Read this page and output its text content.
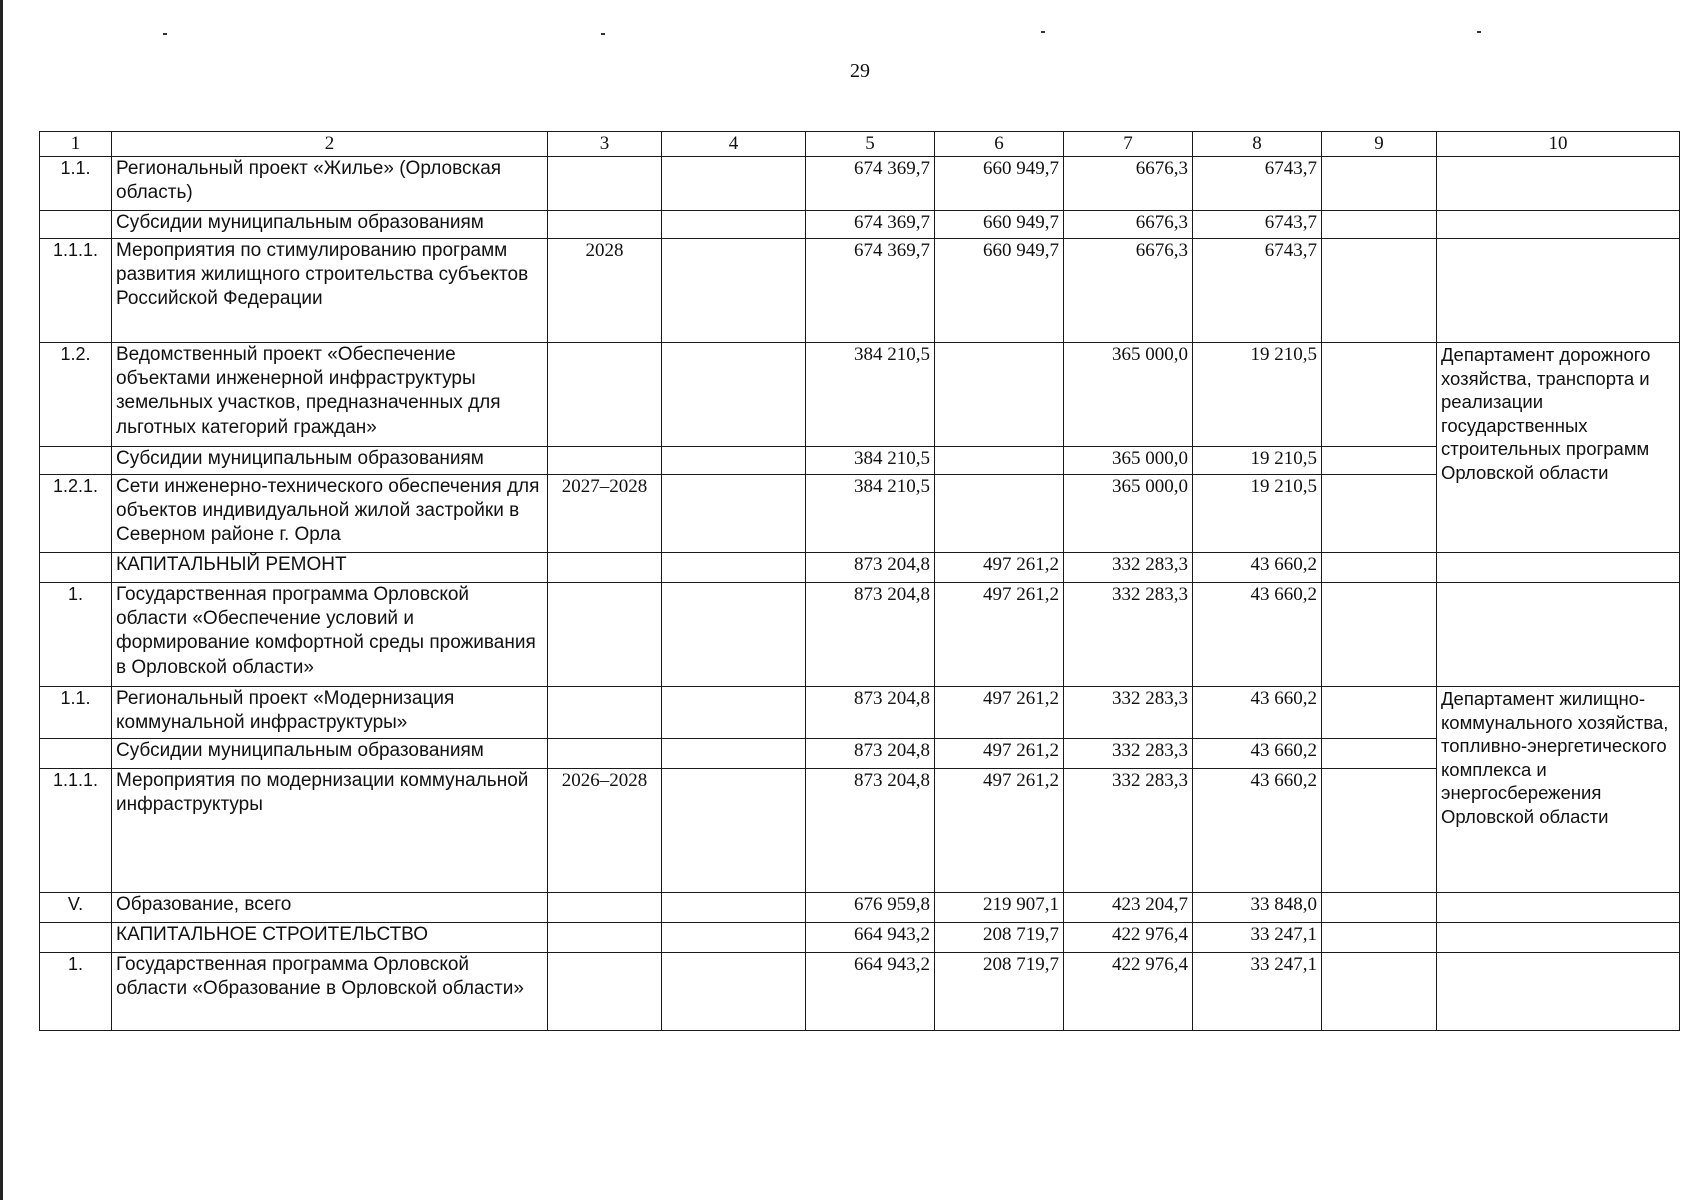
29
1	2	3	4	5	6	7	8	9	10
1.1.	Региональный проект «Жилье» (Орловская область)			674 369,7	660 949,7	6676,3	6743,7		
	Субсидии муниципальным образованиям			674 369,7	660 949,7	6676,3	6743,7		
1.1.1.	Мероприятия по стимулированию программ развития жилищного строительства субъектов Российской Федерации	2028		674 369,7	660 949,7	6676,3	6743,7		
1.2.	Ведомственный проект «Обеспечение объектами инженерной инфраструктуры земельных участков, предназначенных для льготных категорий граждан»			384 210,5		365 000,0	19 210,5		Департамент дорожного хозяйства, транспорта и реализации государственных строительных программ Орловской области
	Субсидии муниципальным образованиям			384 210,5		365 000,0	19 210,5		
1.2.1.	Сети инженерно-технического обеспечения для объектов индивидуальной жилой застройки в Северном районе г. Орла	2027–2028		384 210,5		365 000,0	19 210,5		
	КАПИТАЛЬНЫЙ РЕМОНТ			873 204,8	497 261,2	332 283,3	43 660,2		
1.	Государственная программа Орловской области «Обеспечение условий и формирование комфортной среды проживания в Орловской области»			873 204,8	497 261,2	332 283,3	43 660,2		
1.1.	Региональный проект «Модернизация коммунальной инфраструктуры»			873 204,8	497 261,2	332 283,3	43 660,2		Департамент жилищно-коммунального хозяйства, топливно-энергетического комплекса и энергосбережения Орловской области
	Субсидии муниципальным образованиям			873 204,8	497 261,2	332 283,3	43 660,2		
1.1.1.	Мероприятия по модернизации коммунальной инфраструктуры	2026–2028		873 204,8	497 261,2	332 283,3	43 660,2		
V.	Образование, всего			676 959,8	219 907,1	423 204,7	33 848,0		
	КАПИТАЛЬНОЕ СТРОИТЕЛЬСТВО			664 943,2	208 719,7	422 976,4	33 247,1		
1.	Государственная программа Орловской области «Образование в Орловской области»			664 943,2	208 719,7	422 976,4	33 247,1		
